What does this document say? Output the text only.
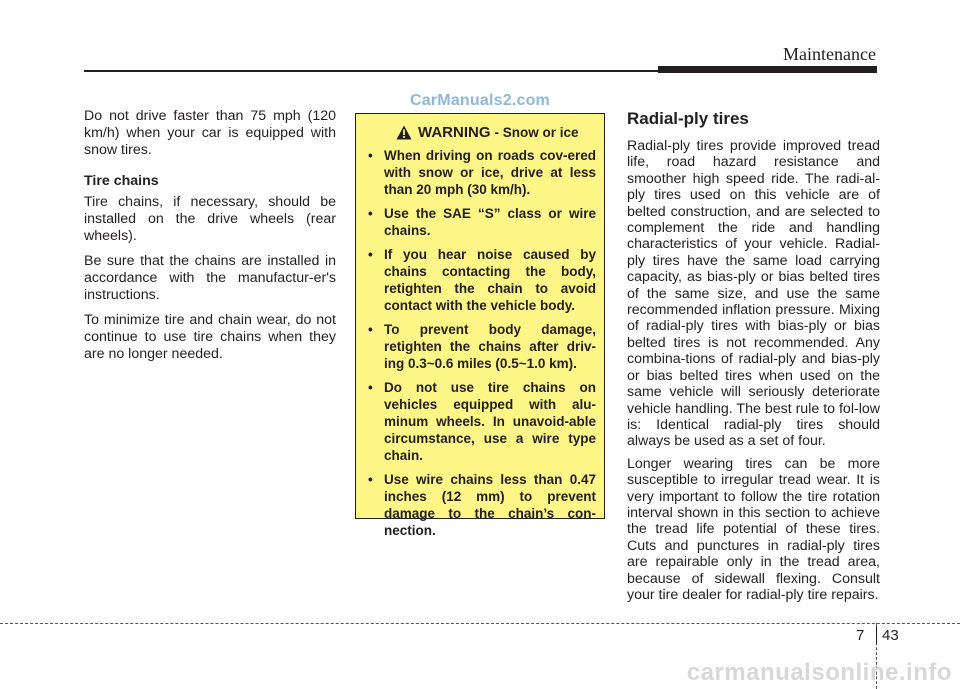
Maintenance
CarManuals2.com

Do not drive faster than 75 mph (120 km/h) when your car is equipped with snow tires.

Tire chains

Tire chains, if necessary, should be installed on the drive wheels (rear wheels).

Be sure that the chains are installed in accordance with the manufactur-er's instructions.

To minimize tire and chain wear, do not continue to use tire chains when they are no longer needed.

WARNING - Snow or ice
• When driving on roads cov-ered with snow or ice, drive at less than 20 mph (30 km/h).
• Use the SAE “S” class or wire chains.
• If you hear noise caused by chains contacting the body, retighten the chain to avoid contact with the vehicle body.
• To prevent body damage, retighten the chains after driv-ing 0.3~0.6 miles (0.5~1.0 km).
• Do not use tire chains on vehicles equipped with alu-minum wheels. In unavoid-able circumstance, use a wire type chain.
• Use wire chains less than 0.47 inches (12 mm) to prevent damage to the chain’s con-nection.
Radial-ply tires

Radial-ply tires provide improved tread life, road hazard resistance and smoother high speed ride. The radi-al-ply tires used on this vehicle are of belted construction, and are selected to complement the ride and handling characteristics of your vehicle. Radial-ply tires have the same load carrying capacity, as bias-ply or bias belted tires of the same size, and use the same recommended inflation pressure. Mixing of radial-ply tires with bias-ply or bias belted tires is not recommended. Any combina-tions of radial-ply and bias-ply or bias belted tires when used on the same vehicle will seriously deteriorate vehicle handling. The best rule to fol-low is: Identical radial-ply tires should always be used as a set of four.

Longer wearing tires can be more susceptible to irregular tread wear. It is very important to follow the tire rotation interval shown in this section to achieve the tread life potential of these tires. Cuts and punctures in radial-ply tires are repairable only in the tread area, because of sidewall flexing. Consult your tire dealer for radial-ply tire repairs.

7 43
carmanualsonline.info
